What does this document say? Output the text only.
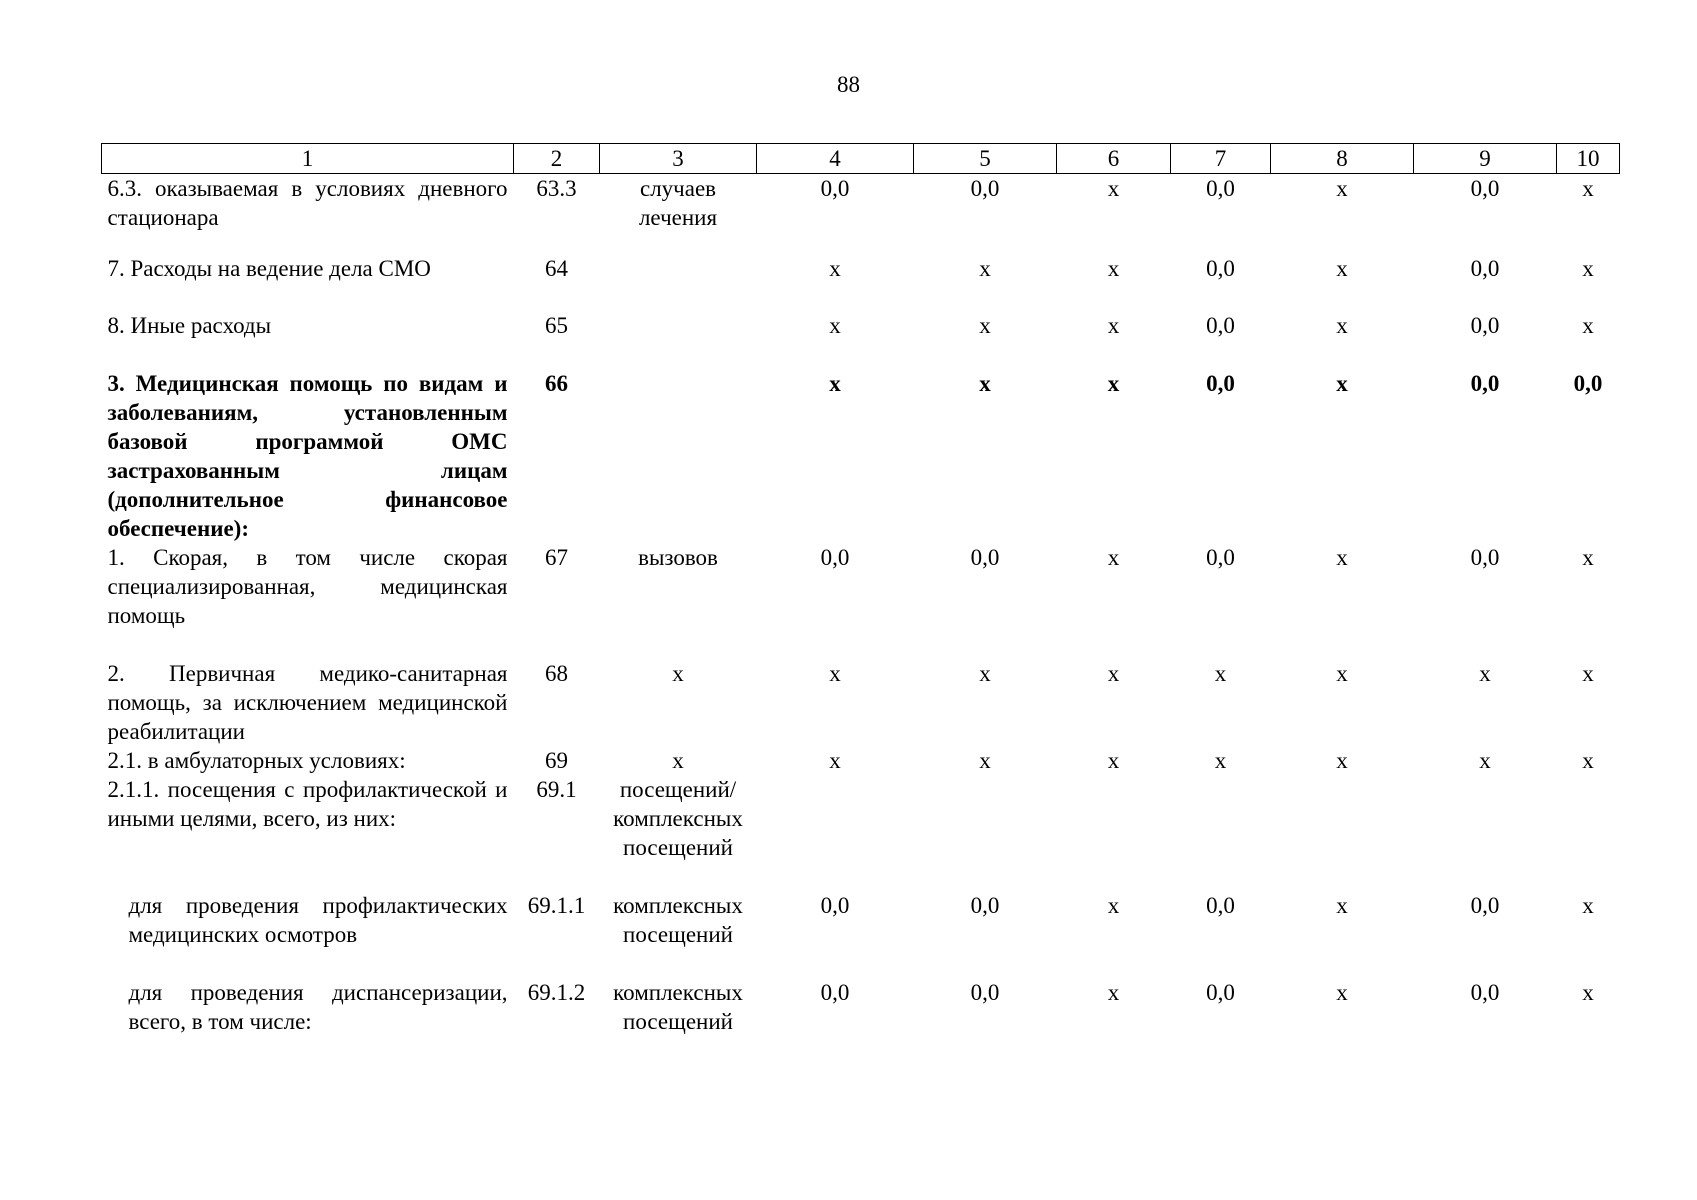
88
1	2	3	4	5	6	7	8	9	10
6.3. оказываемая в условиях дневного стационара	63.3	случаев лечения	0,0	0,0	х	0,0	х	0,0	х
7. Расходы на ведение дела СМО	64		х	х	х	0,0	х	0,0	х
8. Иные расходы	65		х	х	х	0,0	х	0,0	х
3. Медицинская помощь по видам и заболеваниям, установленным базовой программой ОМС застрахованным лицам (дополнительное финансовое обеспечение):	66		х	х	х	0,0	х	0,0	0,0
1. Скорая, в том числе скорая специализированная, медицинская помощь	67	вызовов	0,0	0,0	х	0,0	х	0,0	х
2. Первичная медико-санитарная помощь, за исключением медицинской реабилитации	68	х	х	х	х	х	х	х	х
2.1. в амбулаторных условиях:	69	х	х	х	х	х	х	х	х
2.1.1. посещения с профилактической и иными целями, всего, из них:	69.1	посещений/ комплексных посещений							
для проведения профилактических медицинских осмотров	69.1.1	комплексных посещений	0,0	0,0	х	0,0	х	0,0	х
для проведения диспансеризации, всего, в том числе:	69.1.2	комплексных посещений	0,0	0,0	х	0,0	х	0,0	х
